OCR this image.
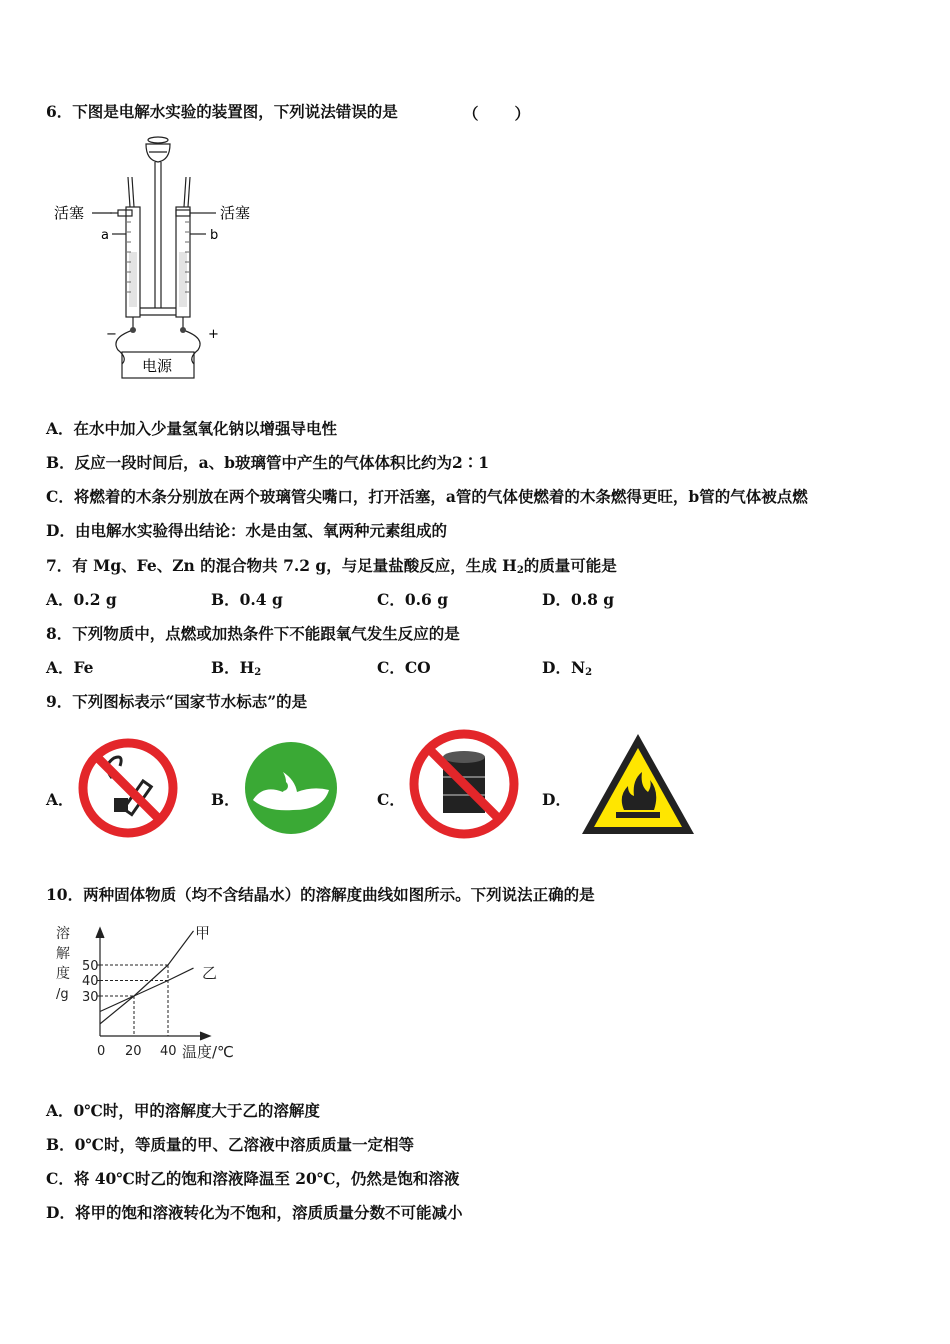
6．下图是电解水实验的装置图，下列说法错误的是	（ ）
活塞	活塞
a	b
−	+
电源
A．在水中加入少量氢氧化钠以增强导电性
B．反应一段时间后，a、b玻璃管中产生的气体体积比约为2∶1
C．将燃着的木条分别放在两个玻璃管尖嘴口，打开活塞，a管的气体使燃着的木条燃得更旺，b管的气体被点燃
D．由电解水实验得出结论：水是由氢、氧两种元素组成的
7．有 Mg、Fe、Zn 的混合物共 7.2 g，与足量盐酸反应，生成 $H_2$的质量可能是
A．0.2 g	B．0.4 g	C．0.6 g	D．0.8 g
8．下列物质中，点燃或加热条件下不能跟氧气发生反应的是
A．Fe	B．$H_2$	C．CO	D．$N_2$
9．下列图标表示“国家节水标志”的是
A．	B．	C．	D．
10．两种固体物质（均不含结晶水）的溶解度曲线如图所示。下列说法正确的是
溶
解
度
/g
50
40
30
0 20 40 温度/℃
甲
乙
A．0℃时，甲的溶解度大于乙的溶解度
B．0℃时，等质量的甲、乙溶液中溶质质量一定相等
C．将 40℃时乙的饱和溶液降温至 20℃，仍然是饱和溶液
D．将甲的饱和溶液转化为不饱和，溶质质量分数不可能减小
